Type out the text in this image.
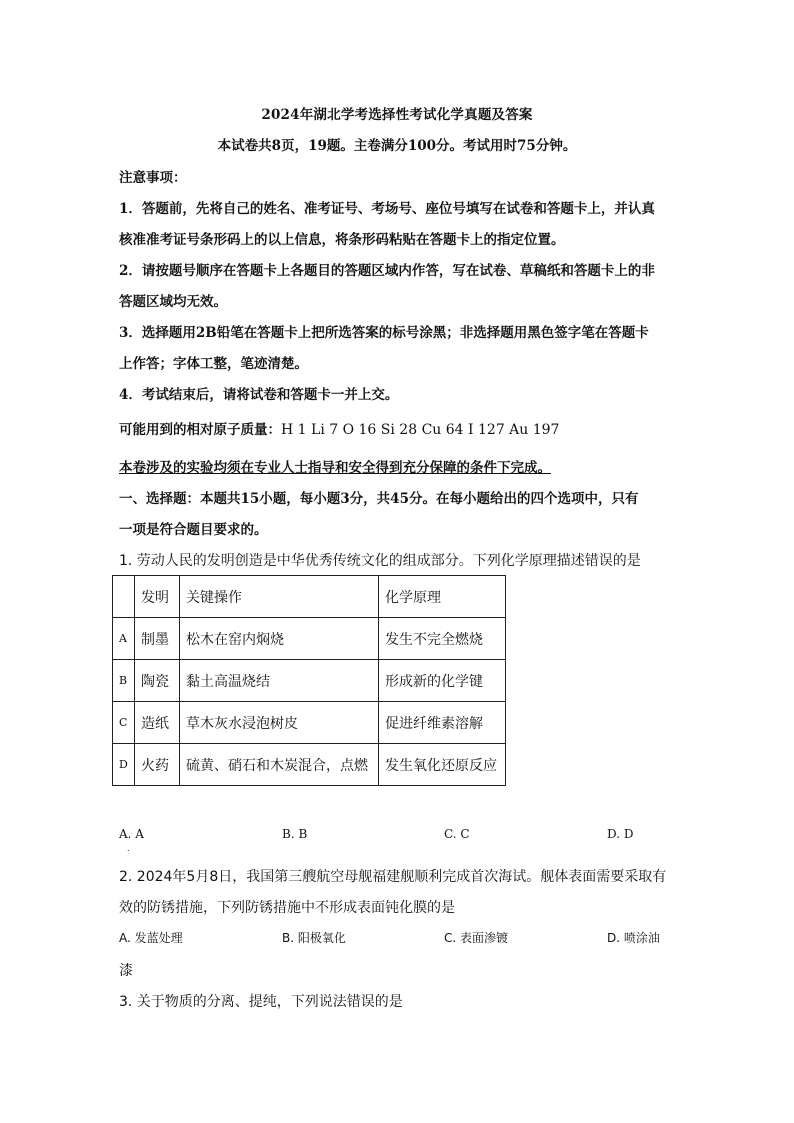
2024年湖北学考选择性考试化学真题及答案
本试卷共8页，19题。主卷满分100分。考试用时75分钟。
注意事项：
1．答题前，先将自己的姓名、准考证号、考场号、座位号填写在试卷和答题卡上，并认真
核准准考证号条形码上的以上信息，将条形码粘贴在答题卡上的指定位置。
2．请按题号顺序在答题卡上各题目的答题区域内作答，写在试卷、草稿纸和答题卡上的非
答题区域均无效。
3．选择题用2B铅笔在答题卡上把所选答案的标号涂黑；非选择题用黑色签字笔在答题卡
上作答；字体工整，笔迹清楚。
4．考试结束后，请将试卷和答题卡一并上交。
可能用到的相对原子质量：H 1 Li 7 O 16 Si 28 Cu 64 I 127 Au 197
本卷涉及的实验均须在专业人士指导和安全得到充分保障的条件下完成。
一、选择题：本题共15小题，每小题3分，共45分。在每小题给出的四个选项中，只有
一项是符合题目要求的。
1. 劳动人民的发明创造是中华优秀传统文化的组成部分。下列化学原理描述错误的是
	发明	关键操作	化学原理
A	制墨	松木在窑内焖烧	发生不完全燃烧
B	陶瓷	黏土高温烧结	形成新的化学键
C	造纸	草木灰水浸泡树皮	促进纤维素溶解
D	火药	硫黄、硝石和木炭混合，点燃	发生氧化还原反应
A. A	B. B	C. C	D. D
.
2. 2024年5月8日，我国第三艘航空母舰福建舰顺利完成首次海试。舰体表面需要采取有
效的防锈措施，下列防锈措施中不形成表面钝化膜的是
A. 发蓝处理	B. 阳极氧化	C. 表面渗镀	D. 喷涂油
漆
3. 关于物质的分离、提纯，下列说法错误的是
